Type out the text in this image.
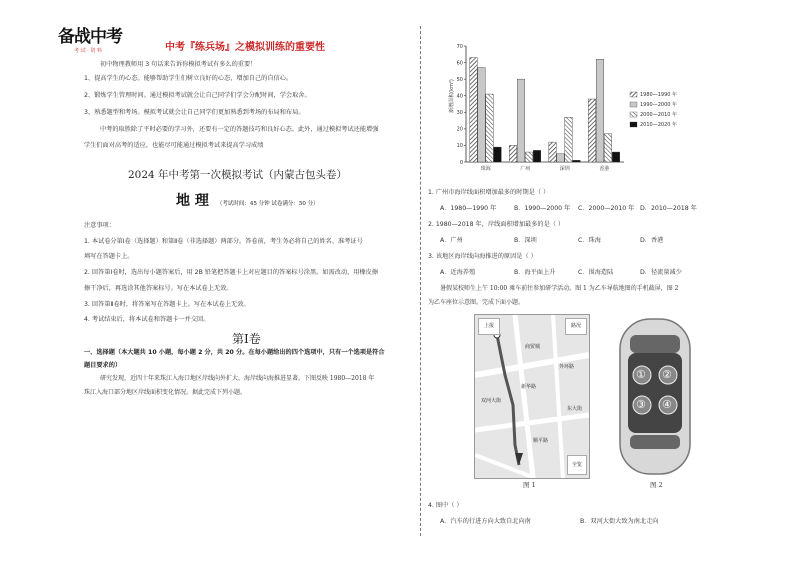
备战中考
考 试 · 资 料	中考『练兵场』之模拟训练的重要性
初中物理教师用 3 句话来告诉你模拟考试有多么的重要！
1、提高学生的心态。能够帮助学生们树立良好的心态，增加自己的自信心。
2、锻炼学生管理时间。通过模拟考试就会让自己同学们学会分配时间，学会取舍。
3、熟悉题型和考场。模拟考试就会让自己同学们更加熟悉到考场的布局和布局。
中考的取胜除了平时必要的学习外，还要有一定的答题技巧和良好心态。此外，通过模拟考试还能增强
学生们面对高考的适应，也能尽可能通过模拟考试来提高学习成绩
2024 年中考第一次模拟考试（内蒙古包头卷）
地 理 （考试时间：45 分钟 试卷满分：50 分）
注意事项：
1. 本试卷分第Ⅰ卷（选择题）和第Ⅱ卷（非选择题）两部分。答卷前，考生务必将自己的姓名、准考证号
填写在答题卡上。
2. 回答第Ⅰ卷时，选出每小题答案后，用 2B 铅笔把答题卡上对应题目的答案标号涂黑。如需改动，用橡皮擦
擦干净后，再选涂其他答案标号。写在本试卷上无效。
3. 回答第Ⅱ卷时，将答案写在答题卡上。写在本试卷上无效。
4. 考试结束后，将本试卷和答题卡一并交回。
第Ⅰ卷
一、选择题（本大题共 10 小题，每小题 2 分，共 20 分。在每小题给出的四个选项中，只有一个选项是符合
题目要求的）
研究发现，近四十年来珠江入海口地区岸线向外扩大，海岸线向海推进显著。下图反映 1980—2018 年
珠江入海口部分地区岸线面积变化情况。据此完成下列小题。
0
10
20
30
40
50
60
70
珠海	广州	深圳	香港
1980—1990 年
1990—2000 年
2000—2010 年
2010—2020 年
新增面积(km²)
1. 广州市海岸线面积增加最多的时期是（ ）
A．1980—1990 年	B．1990—2000 年 C．2000—2010 年 D．2010—2018 年
2. 1980—2018 年，岸线面积增加最多的是（ ）
A．广州	B．深圳	C．珠海	D．香港
3. 该地区海岸线向海推进的原因是（ ）
A．近海养殖	B．海平面上升	C．围海造陆	D．径流量减少
暑假某校师生上午 10:00 乘车前往参加研学活动。图 1 为乙车导航地图的手机截屏，图 2
为乙车座位示意图。完成下面小题。
上报	路况
全览
外环路
新华路
双河大街
东大街
顺平路
商贸城
图 1
① ②
③ ④
图 2
4. 图中（ ）
A．汽车的行进方向大致自北向南	B．双河大街大致为南北走向
